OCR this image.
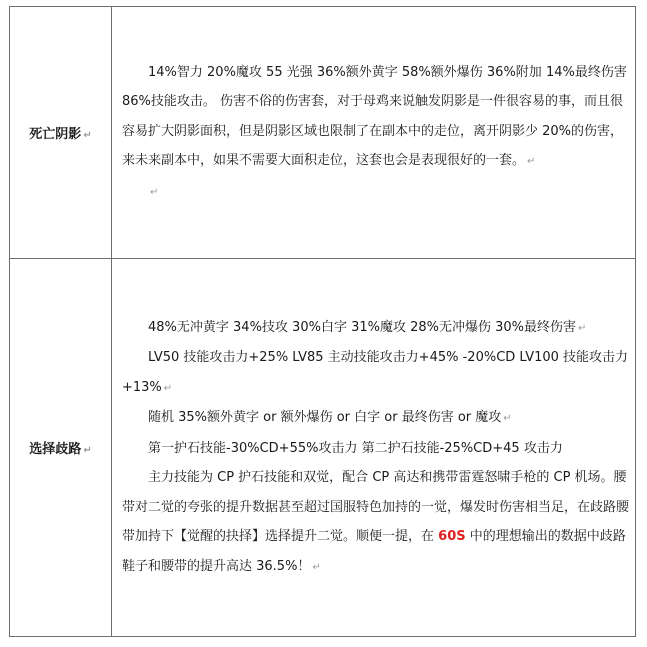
死亡阴影 ↵	14%智力 20%魔攻 55 光强 36%额外黄字 58%额外爆伤 36%附加 14%最终伤害 86%技能攻击。 伤害不俗的伤害套，对于母鸡来说触发阴影是一件很容易的事，而且很容易扩大阴影面积，但是阴影区域也限制了在副本中的走位，离开阴影少 20%的伤害，来未来副本中，如果不需要大面积走位，这套也会是表现很好的一套。 ↵
↵

选择歧路 ↵	48%无冲黄字 34%技攻 30%白字 31%魔攻 28%无冲爆伤 30%最终伤害 ↵
LV50 技能攻击力+25% LV85 主动技能攻击力+45% -20%CD LV100 技能攻击力+13% ↵
随机 35%额外黄字 or 额外爆伤 or 白字 or 最终伤害 or 魔攻 ↵
第一护石技能-30%CD+55%攻击力 第二护石技能-25%CD+45 攻击力
主力技能为 CP 护石技能和双觉，配合 CP 高达和携带雷霆怒啸手枪的 CP 机场。腰带对二觉的夸张的提升数据甚至超过国服特色加持的一觉，爆发时伤害相当足，在歧路腰带加持下【觉醒的抉择】选择提升二觉。顺便一提，在 60S 中的理想输出的数据中歧路鞋子和腰带的提升高达 36.5%！ ↵
